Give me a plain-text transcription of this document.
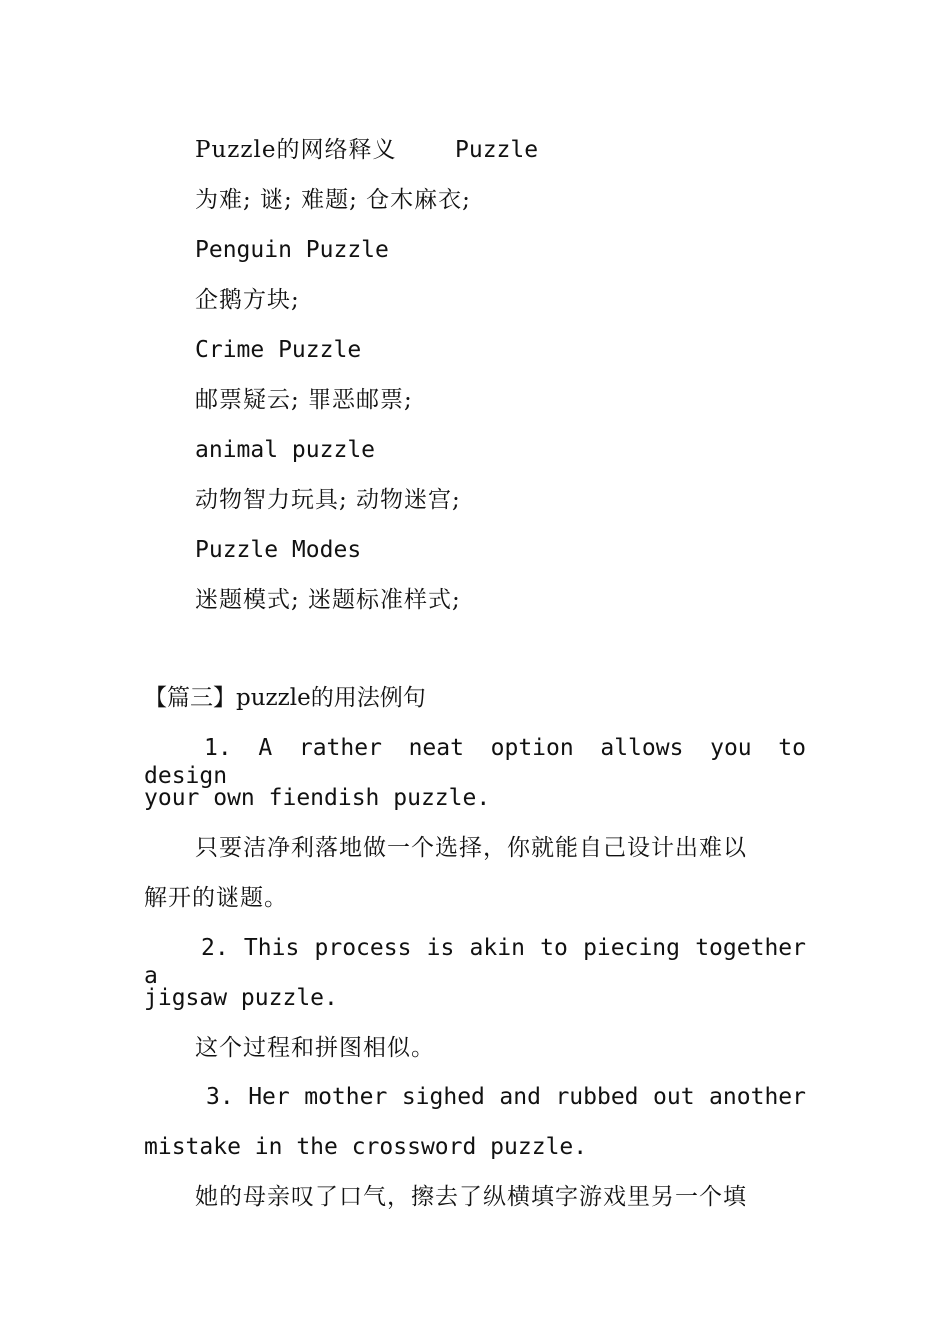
Puzzle的网络释义	Puzzle
为难; 谜; 难题; 仓木麻衣;
Penguin Puzzle
企鹅方块;
Crime Puzzle
邮票疑云; 罪恶邮票;
animal puzzle
动物智力玩具; 动物迷宫;
Puzzle Modes
迷题模式; 迷题标准样式;
【篇三】puzzle的用法例句
1. A rather neat option allows you to design
your own fiendish puzzle.
只要洁净利落地做一个选择，你就能自己设计出难以
解开的谜题。
2. This process is akin to piecing together a
jigsaw puzzle.
这个过程和拼图相似。
3. Her mother sighed and rubbed out another
mistake in the crossword puzzle.
她的母亲叹了口气，擦去了纵横填字游戏里另一个填
